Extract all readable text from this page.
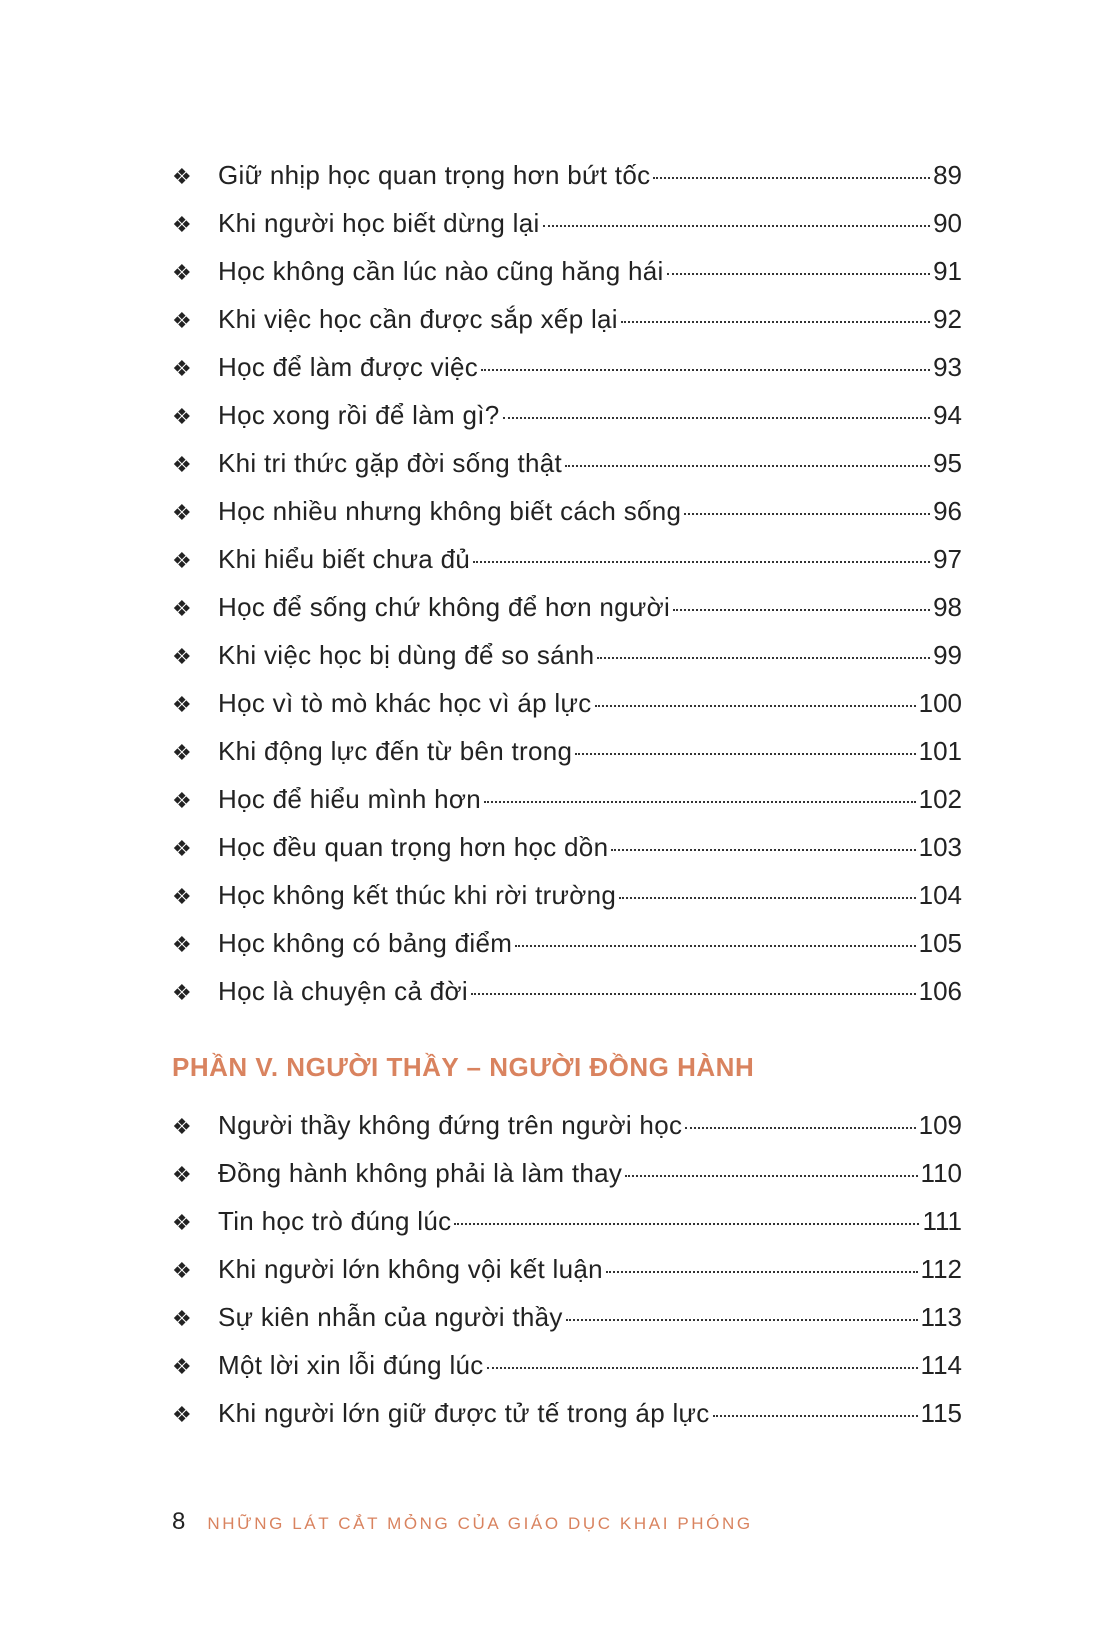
❖	Giữ nhịp học quan trọng hơn bứt tốc	89
❖	Khi người học biết dừng lại	90
❖	Học không cần lúc nào cũng hăng hái	91
❖	Khi việc học cần được sắp xếp lại	92
❖	Học để làm được việc	93
❖	Học xong rồi để làm gì?	94
❖	Khi tri thức gặp đời sống thật	95
❖	Học nhiều nhưng không biết cách sống	96
❖	Khi hiểu biết chưa đủ	97
❖	Học để sống chứ không để hơn người	98
❖	Khi việc học bị dùng để so sánh	99
❖	Học vì tò mò khác học vì áp lực	100
❖	Khi động lực đến từ bên trong	101
❖	Học để hiểu mình hơn	102
❖	Học đều quan trọng hơn học dồn	103
❖	Học không kết thúc khi rời trường	104
❖	Học không có bảng điểm	105
❖	Học là chuyện cả đời	106
PHẦN V. NGƯỜI THẦY – NGƯỜI ĐỒNG HÀNH
❖	Người thầy không đứng trên người học	109
❖	Đồng hành không phải là làm thay	110
❖	Tin học trò đúng lúc	111
❖	Khi người lớn không vội kết luận	112
❖	Sự kiên nhẫn của người thầy	113
❖	Một lời xin lỗi đúng lúc	114
❖	Khi người lớn giữ được tử tế trong áp lực	115
8 NHỮNG LÁT CẮT MỎNG CỦA GIÁO DỤC KHAI PHÓNG
